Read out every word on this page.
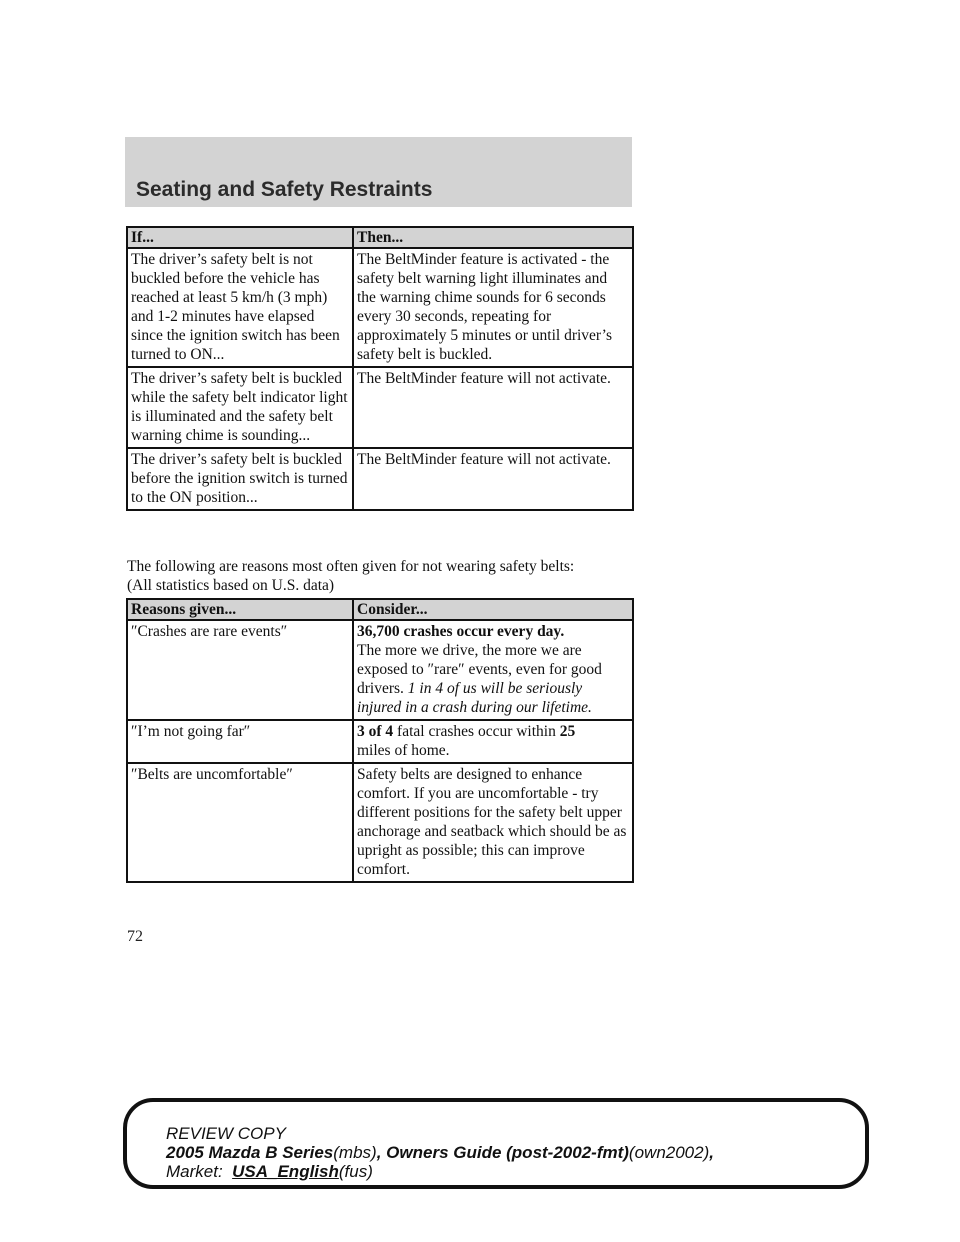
Seating and Safety Restraints
If...	Then...
The driver’s safety belt is not buckled before the vehicle has reached at least 5 km/h (3 mph) and 1-2 minutes have elapsed since the ignition switch has been turned to ON...	The BeltMinder feature is activated - the safety belt warning light illuminates and the warning chime sounds for 6 seconds every 30 seconds, repeating for approximately 5 minutes or until driver’s safety belt is buckled.
The driver’s safety belt is buckled while the safety belt indicator light is illuminated and the safety belt warning chime is sounding...	The BeltMinder feature will not activate.
The driver’s safety belt is buckled before the ignition switch is turned to the ON position...	The BeltMinder feature will not activate.
The following are reasons most often given for not wearing safety belts:
(All statistics based on U.S. data)
Reasons given...	Consider...
″Crashes are rare events″	36,700 crashes occur every day.
The more we drive, the more we are exposed to ″rare″ events, even for good drivers. 1 in 4 of us will be seriously injured in a crash during our lifetime.
″I’m not going far″	3 of 4 fatal crashes occur within 25
miles of home.
″Belts are uncomfortable″	Safety belts are designed to enhance comfort. If you are uncomfortable - try different positions for the safety belt upper anchorage and seatback which should be as upright as possible; this can improve comfort.
72
REVIEW COPY
2005 Mazda B Series(mbs), Owners Guide (post-2002-fmt)(own2002),
Market:  USA_English(fus)
